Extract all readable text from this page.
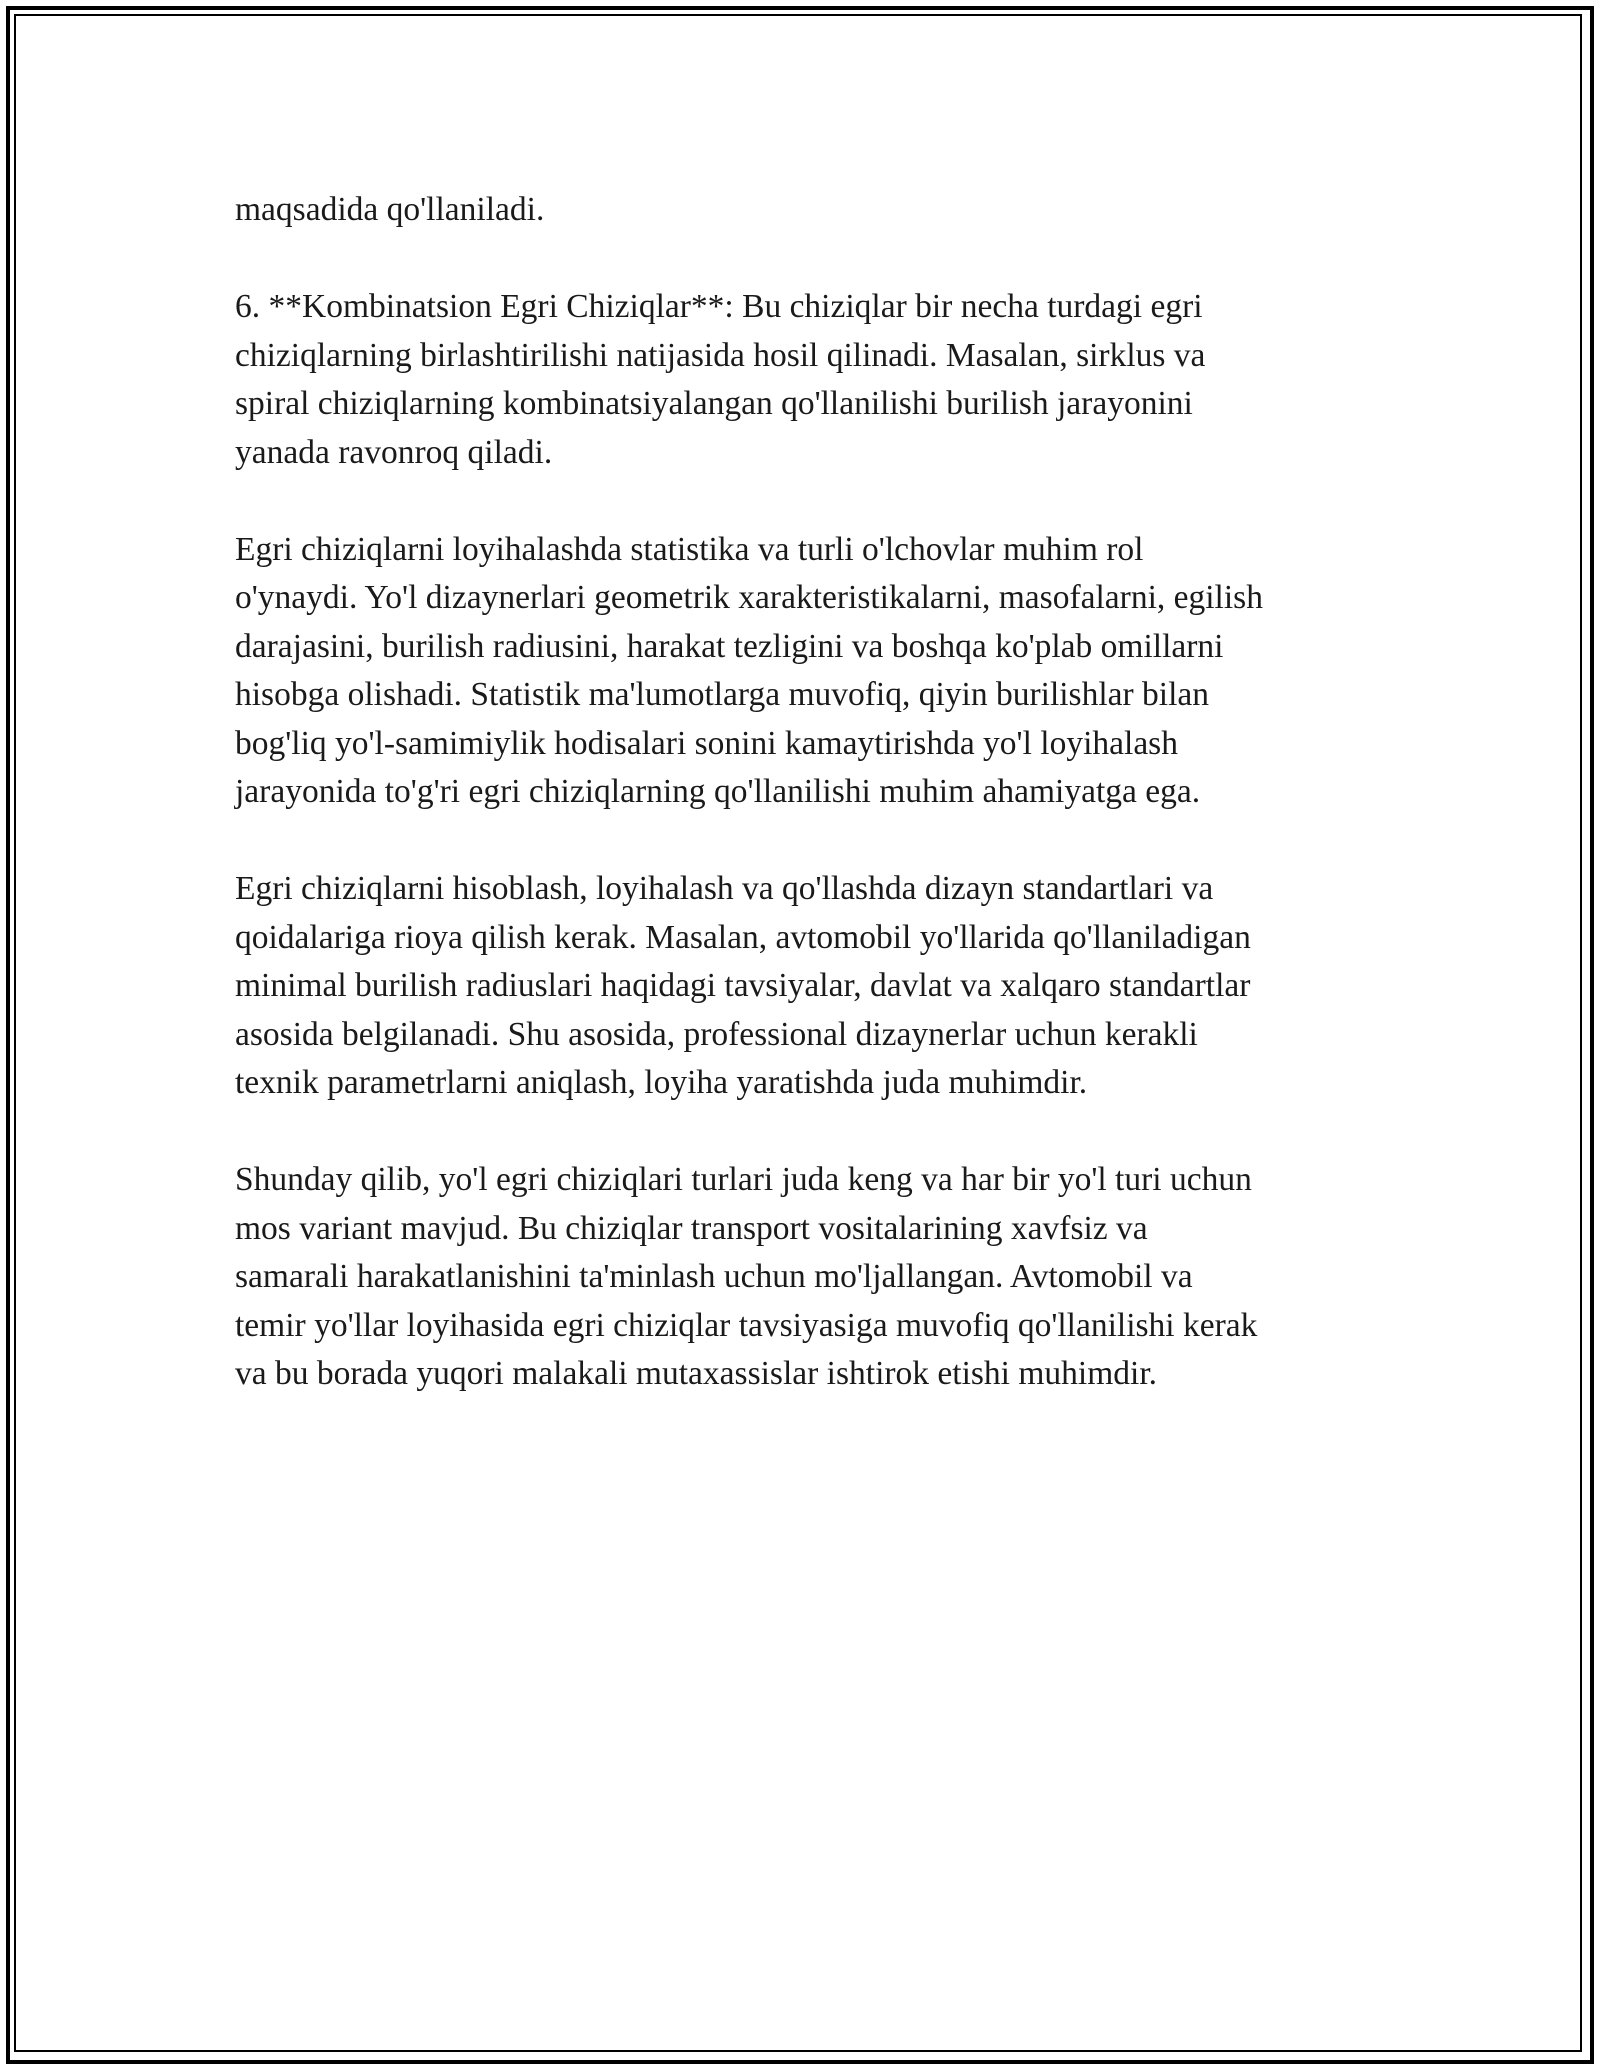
maqsadida qo'llaniladi.

6. **Kombinatsion Egri Chiziqlar**: Bu chiziqlar bir necha turdagi egri
chiziqlarning birlashtirilishi natijasida hosil qilinadi. Masalan, sirklus va
spiral chiziqlarning kombinatsiyalangan qo'llanilishi burilish jarayonini
yanada ravonroq qiladi.

Egri chiziqlarni loyihalashda statistika va turli o'lchovlar muhim rol
o'ynaydi. Yo'l dizaynerlari geometrik xarakteristikalarni, masofalarni, egilish
darajasini, burilish radiusini, harakat tezligini va boshqa ko'plab omillarni
hisobga olishadi. Statistik ma'lumotlarga muvofiq, qiyin burilishlar bilan
bog'liq yo'l-samimiylik hodisalari sonini kamaytirishda yo'l loyihalash
jarayonida to'g'ri egri chiziqlarning qo'llanilishi muhim ahamiyatga ega.

Egri chiziqlarni hisoblash, loyihalash va qo'llashda dizayn standartlari va
qoidalariga rioya qilish kerak. Masalan, avtomobil yo'llarida qo'llaniladigan
minimal burilish radiuslari haqidagi tavsiyalar, davlat va xalqaro standartlar
asosida belgilanadi. Shu asosida, professional dizaynerlar uchun kerakli
texnik parametrlarni aniqlash, loyiha yaratishda juda muhimdir.

Shunday qilib, yo'l egri chiziqlari turlari juda keng va har bir yo'l turi uchun
mos variant mavjud. Bu chiziqlar transport vositalarining xavfsiz va
samarali harakatlanishini ta'minlash uchun mo'ljallangan. Avtomobil va
temir yo'llar loyihasida egri chiziqlar tavsiyasiga muvofiq qo'llanilishi kerak
va bu borada yuqori malakali mutaxassislar ishtirok etishi muhimdir.
